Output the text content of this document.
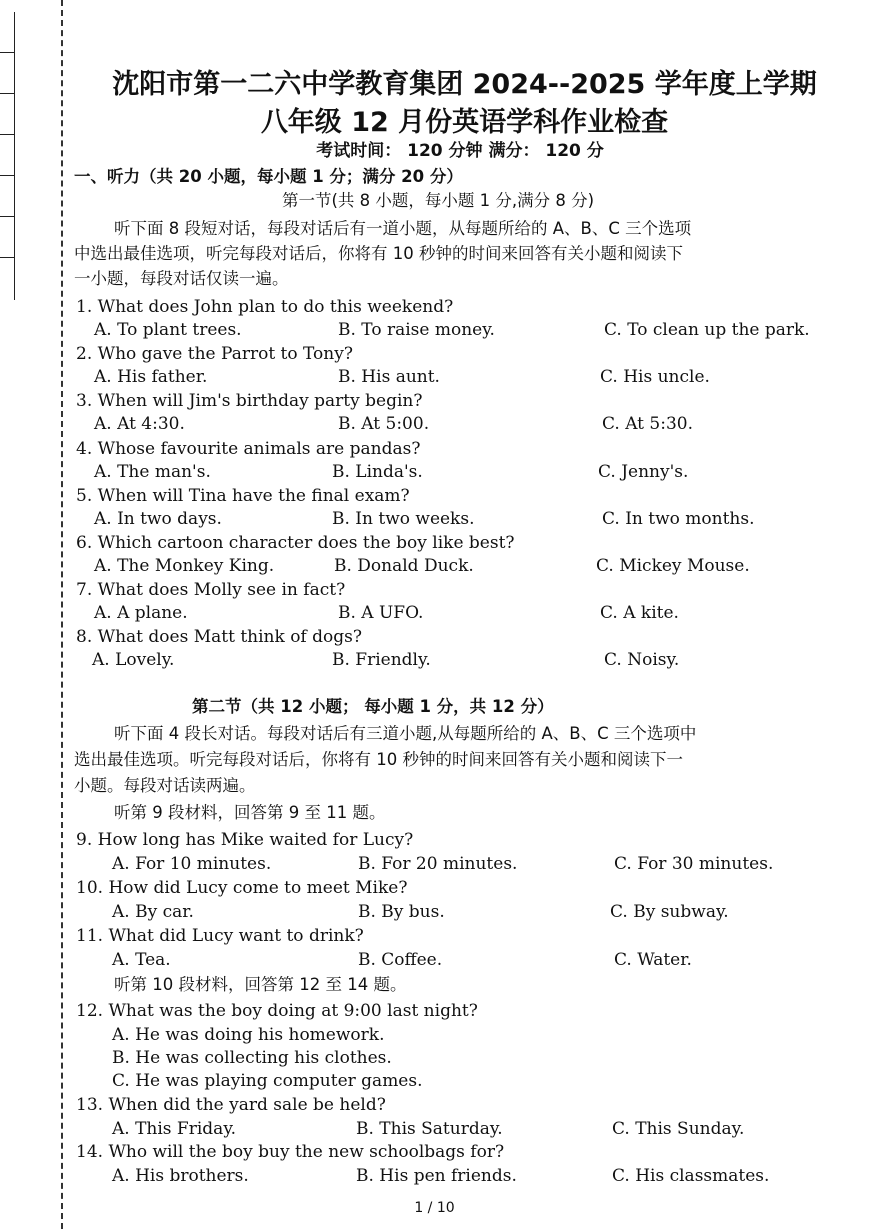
沈阳市第一二六中学教育集团 2024--2025 学年度上学期
八年级 12 月份英语学科作业检查
考试时间： 120 分钟 满分： 120 分
一、听力（共 20 小题，每小题 1 分；满分 20 分）
第一节(共 8 小题，每小题 1 分,满分 8 分)
听下面 8 段短对话，每段对话后有一道小题，从每题所给的 A、B、C 三个选项
中选出最佳选项，听完每段对话后，你将有 10 秒钟的时间来回答有关小题和阅读下
一小题，每段对话仅读一遍。
1. What does John plan to do this weekend?
A. To plant trees.	B. To raise money.	C. To clean up the park.
2. Who gave the Parrot to Tony?
A. His father.	B. His aunt.	C. His uncle.
3. When will Jim's birthday party begin?
A. At 4:30.	B. At 5:00.	C. At 5:30.
4. Whose favourite animals are pandas?
A. The man's.	B. Linda's.	C. Jenny's.
5. When will Tina have the final exam?
A. In two days.	B. In two weeks.	C. In two months.
6. Which cartoon character does the boy like best?
A. The Monkey King.	B. Donald Duck.	C. Mickey Mouse.
7. What does Molly see in fact?
A. A plane.	B. A UFO.	C. A kite.
8. What does Matt think of dogs?
A. Lovely.	B. Friendly.	C. Noisy.
第二节（共 12 小题； 每小题 1 分，共 12 分）
听下面 4 段长对话。每段对话后有三道小题,从每题所给的 A、B、C 三个选项中
选出最佳选项。听完每段对话后，你将有 10 秒钟的时间来回答有关小题和阅读下一
小题。每段对话读两遍。
听第 9 段材料，回答第 9 至 11 题。
9. How long has Mike waited for Lucy?
A. For 10 minutes.	B. For 20 minutes.	C. For 30 minutes.
10. How did Lucy come to meet Mike?
A. By car.	B. By bus.	C. By subway.
11. What did Lucy want to drink?
A. Tea.	B. Coffee.	C. Water.
听第 10 段材料，回答第 12 至 14 题。
12. What was the boy doing at 9:00 last night?
A. He was doing his homework.
B. He was collecting his clothes.
C. He was playing computer games.
13. When did the yard sale be held?
A. This Friday.	B. This Saturday.	C. This Sunday.
14. Who will the boy buy the new schoolbags for?
A. His brothers.	B. His pen friends.	C. His classmates.
1 / 10
